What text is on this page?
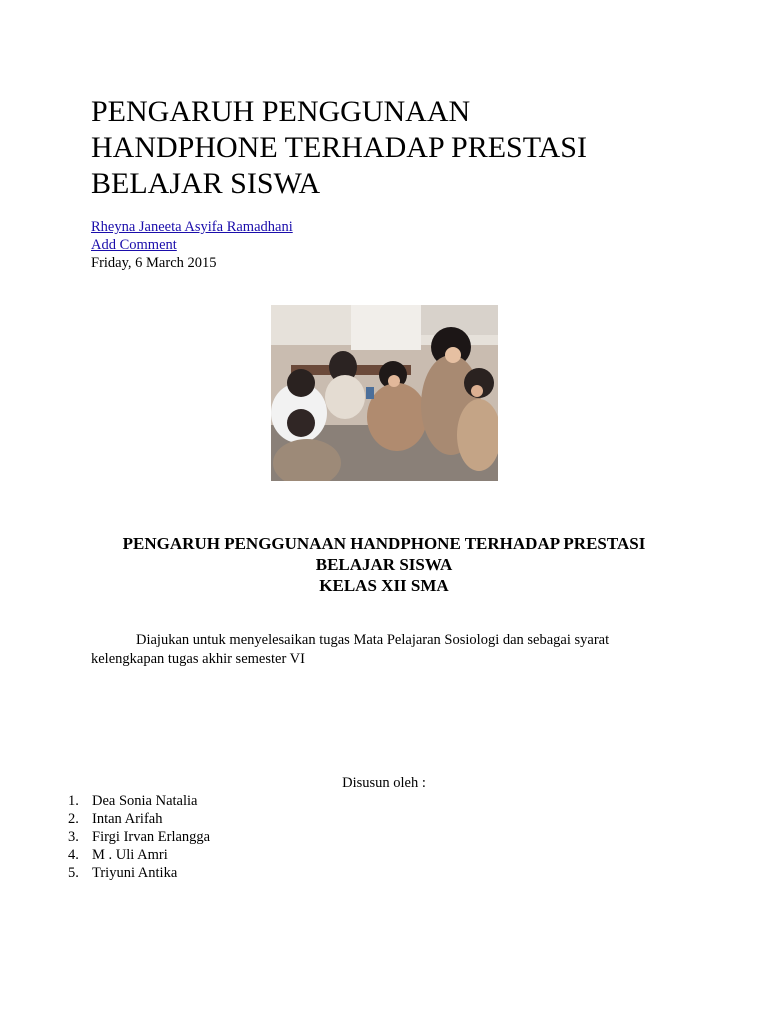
PENGARUH PENGGUNAAN
HANDPHONE TERHADAP PRESTASI
BELAJAR SISWA
Rheyna Janeeta Asyifa Ramadhani
Add Comment
Friday, 6 March 2015
PENGARUH PENGGUNAAN HANDPHONE TERHADAP PRESTASI
BELAJAR SISWA
KELAS XII SMA
Diajukan untuk menyelesaikan tugas Mata Pelajaran Sosiologi dan sebagai syarat
kelengkapan tugas akhir semester VI
Disusun oleh :
1. Dea Sonia Natalia
2. Intan Arifah
3. Firgi Irvan Erlangga
4. M . Uli Amri
5. Triyuni Antika
